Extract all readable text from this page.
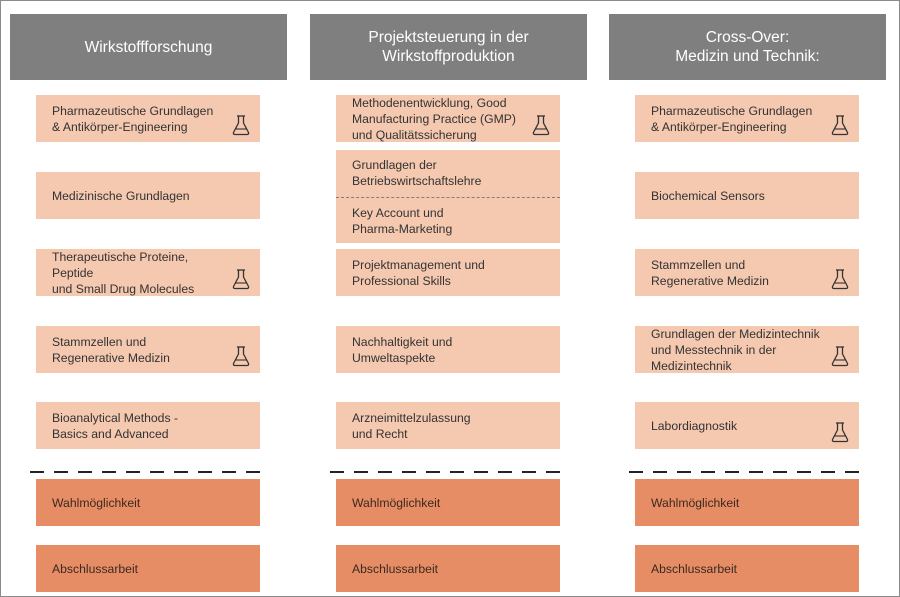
Wirkstoffforschung
Pharmazeutische Grundlagen
& Antikörper-Engineering
Medizinische Grundlagen
Therapeutische Proteine, Peptide
und Small Drug Molecules
Stammzellen und
Regenerative Medizin
Bioanalytical Methods -
Basics and Advanced
Wahlmöglichkeit
Abschlussarbeit
Projektsteuerung in der
Wirkstoffproduktion
Methodenentwicklung, Good
Manufacturing Practice (GMP)
und Qualitätssicherung

Grundlagen der
Betriebswirtschaftslehre

Key Account und
Pharma-Marketing

Projektmanagement und
Professional Skills
Nachhaltigkeit und Umweltaspekte
Arzneimittelzulassung
und Recht
Wahlmöglichkeit
Abschlussarbeit
Cross-Over:
Medizin und Technik:
Pharmazeutische Grundlagen
& Antikörper-Engineering
Biochemical Sensors
Stammzellen und
Regenerative Medizin
Grundlagen der Medizintechnik
und Messtechnik in der
Medizintechnik
Labordiagnostik
Wahlmöglichkeit
Abschlussarbeit
